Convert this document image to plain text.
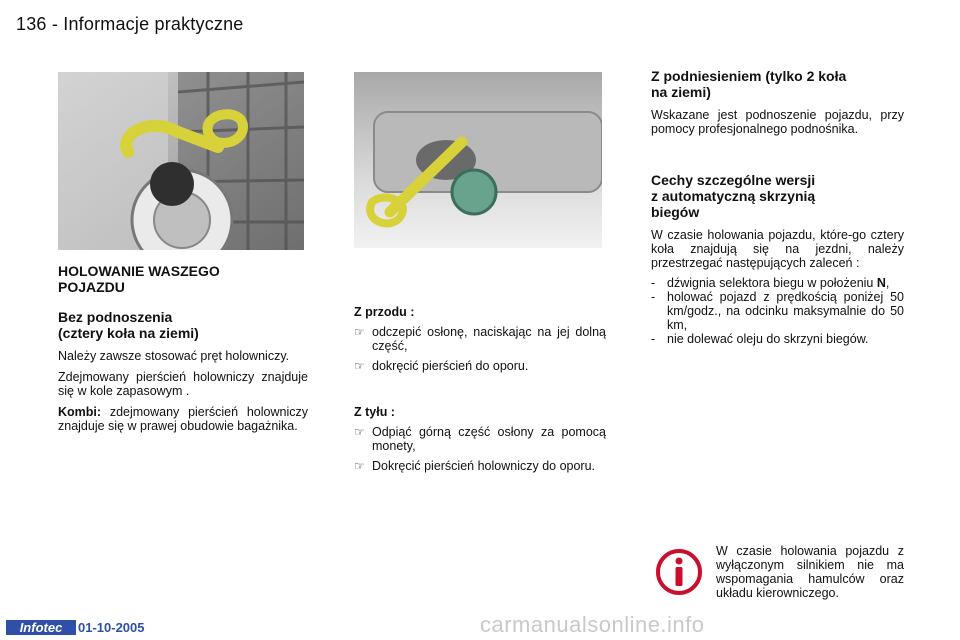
136 - Informacje praktyczne
HOLOWANIE WASZEGO
POJAZDU
Bez podnoszenia
(cztery koła na ziemi)
Należy zawsze stosować pręt holowniczy.
Zdejmowany pierścień holowniczy znajduje się w kole zapasowym .
Kombi: zdejmowany pierścień holowniczy znajduje się w prawej obudowie bagażnika.
Z przodu :
☞ odczepić osłonę, naciskając na jej dolną część,
☞ dokręcić pierścień do oporu.
Z tyłu :
☞ Odpiąć górną część osłony za pomocą monety,
☞ Dokręcić pierścień holowniczy do oporu.
Z podniesieniem (tylko 2 koła
na ziemi)
Wskazane jest podnoszenie pojazdu, przy pomocy profesjonalnego podnośnika.
Cechy szczególne wersji
z automatyczną skrzynią
biegów
W czasie holowania pojazdu, które-go cztery koła znajdują się na jezdni, należy przestrzegać następujących zaleceń :
- dźwignia selektora biegu w położeniu N,
- holować pojazd z prędkością poniżej 50 km/godz., na odcinku maksymalnie do 50 km,
- nie dolewać oleju do skrzyni biegów.
W czasie holowania pojazdu z wyłączonym silnikiem nie ma wspomagania hamulców oraz układu kierowniczego.
Infotec	01-10-2005	carmanualsonline.info
